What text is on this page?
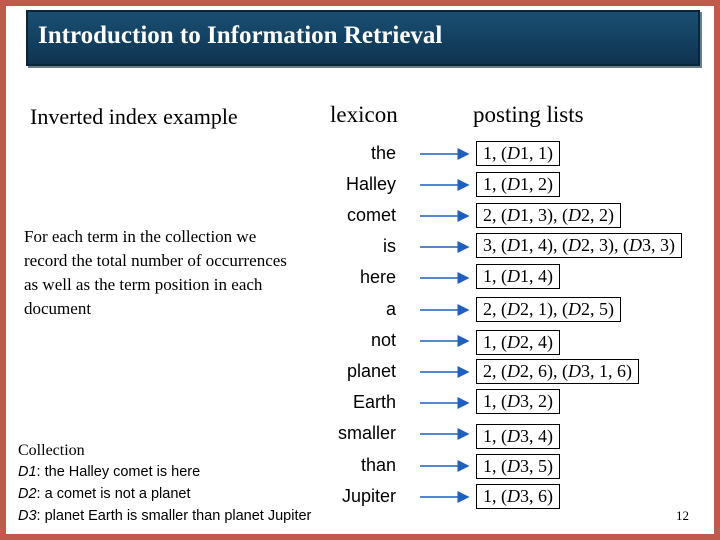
Introduction to Information Retrieval
Inverted index example
For each term in the collection we record the total number of occurrences as well as the term position in each document
lexicon	posting lists
the	1, (D1, 1)
Halley	1, (D1, 2)
comet	2, (D1, 3), (D2, 2)
is	3, (D1, 4), (D2, 3), (D3, 3)
here	1, (D1, 4)
a	2, (D2, 1), (D2, 5)
not	1, (D2, 4)
planet	2, (D2, 6), (D3, 1, 6)
Earth	1, (D3, 2)
smaller	1, (D3, 4)
than	1, (D3, 5)
Jupiter	1, (D3, 6)
Collection
D1: the Halley comet is here
D2: a comet is not a planet
D3: planet Earth is smaller than planet Jupiter	12
